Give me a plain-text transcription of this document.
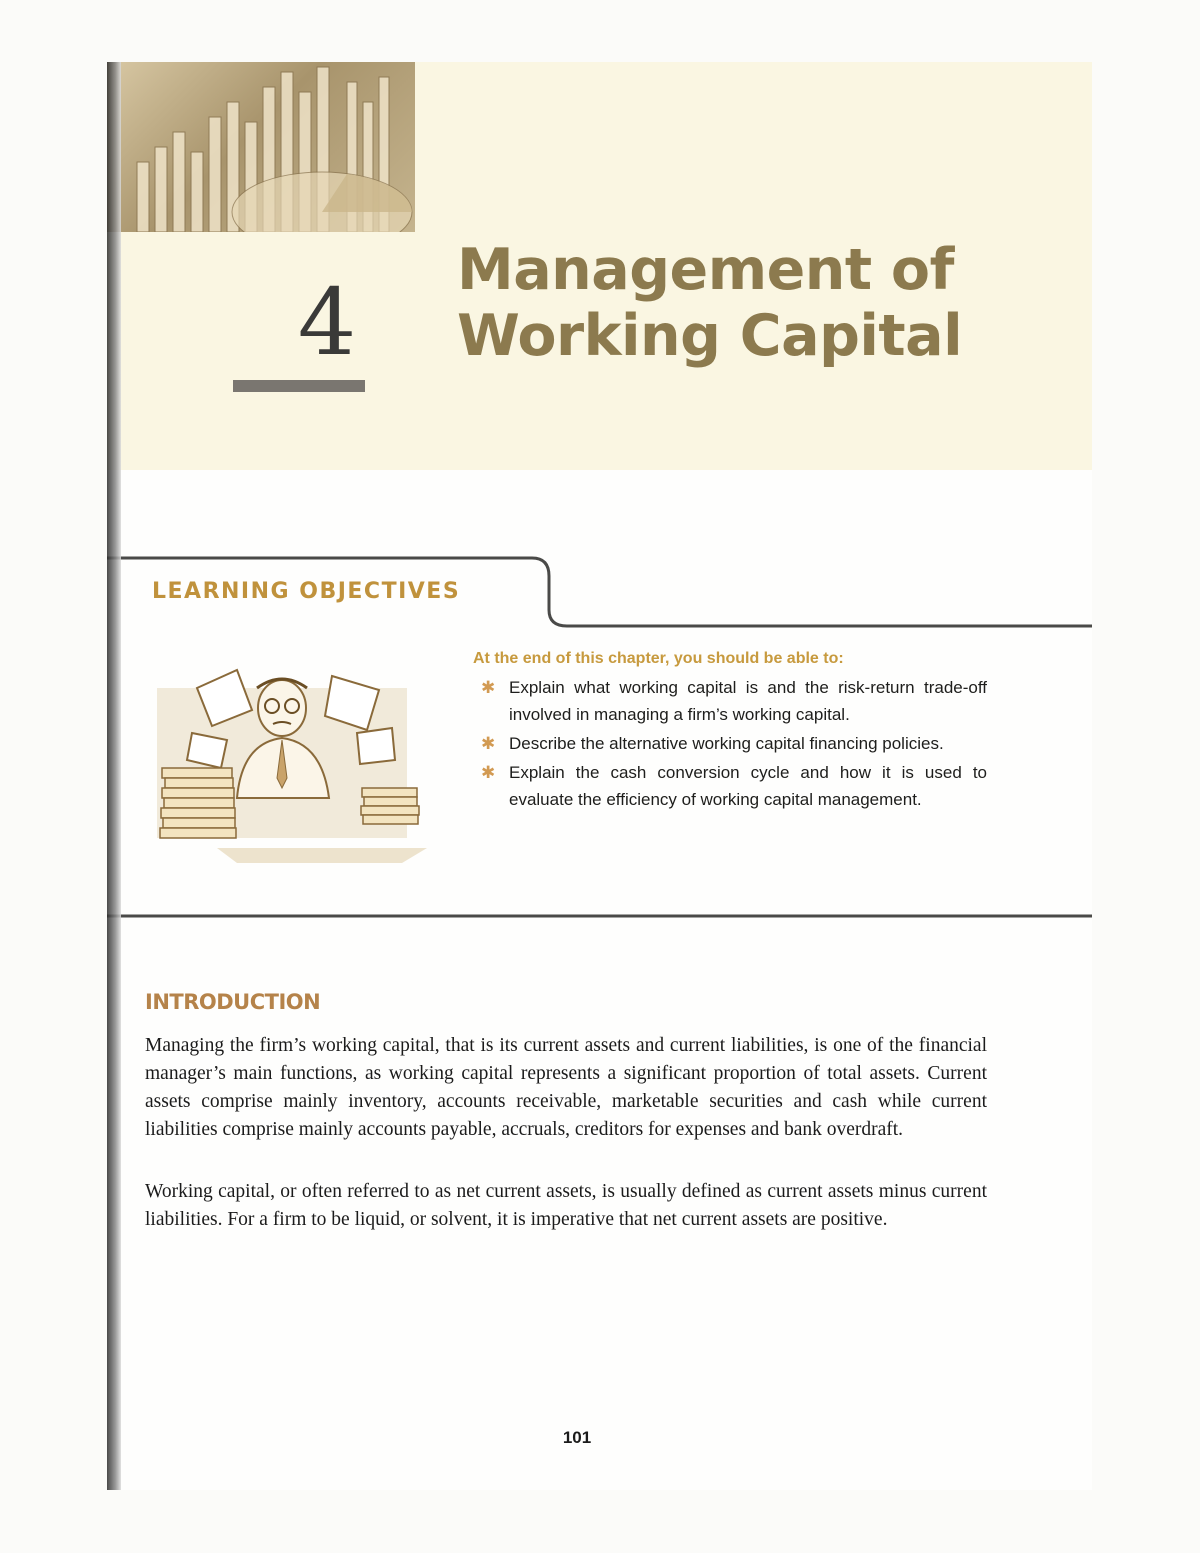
4	Management of
Working Capital
LEARNING OBJECTIVES
At the end of this chapter, you should be able to:
✱ Explain what working capital is and the risk-return trade-off involved in managing a firm’s working capital.
✱ Describe the alternative working capital financing policies.
✱ Explain the cash conversion cycle and how it is used to evaluate the efficiency of working capital management.
INTRODUCTION

Managing the firm’s working capital, that is its current assets and current liabilities, is one of the financial manager’s main functions, as working capital represents a significant proportion of total assets. Current assets comprise mainly inventory, accounts receivable, marketable securities and cash while current liabilities comprise mainly accounts payable, accruals, creditors for expenses and bank overdraft.

Working capital, or often referred to as net current assets, is usually defined as current assets minus current liabilities. For a firm to be liquid, or solvent, it is imperative that net current assets are positive.

101
